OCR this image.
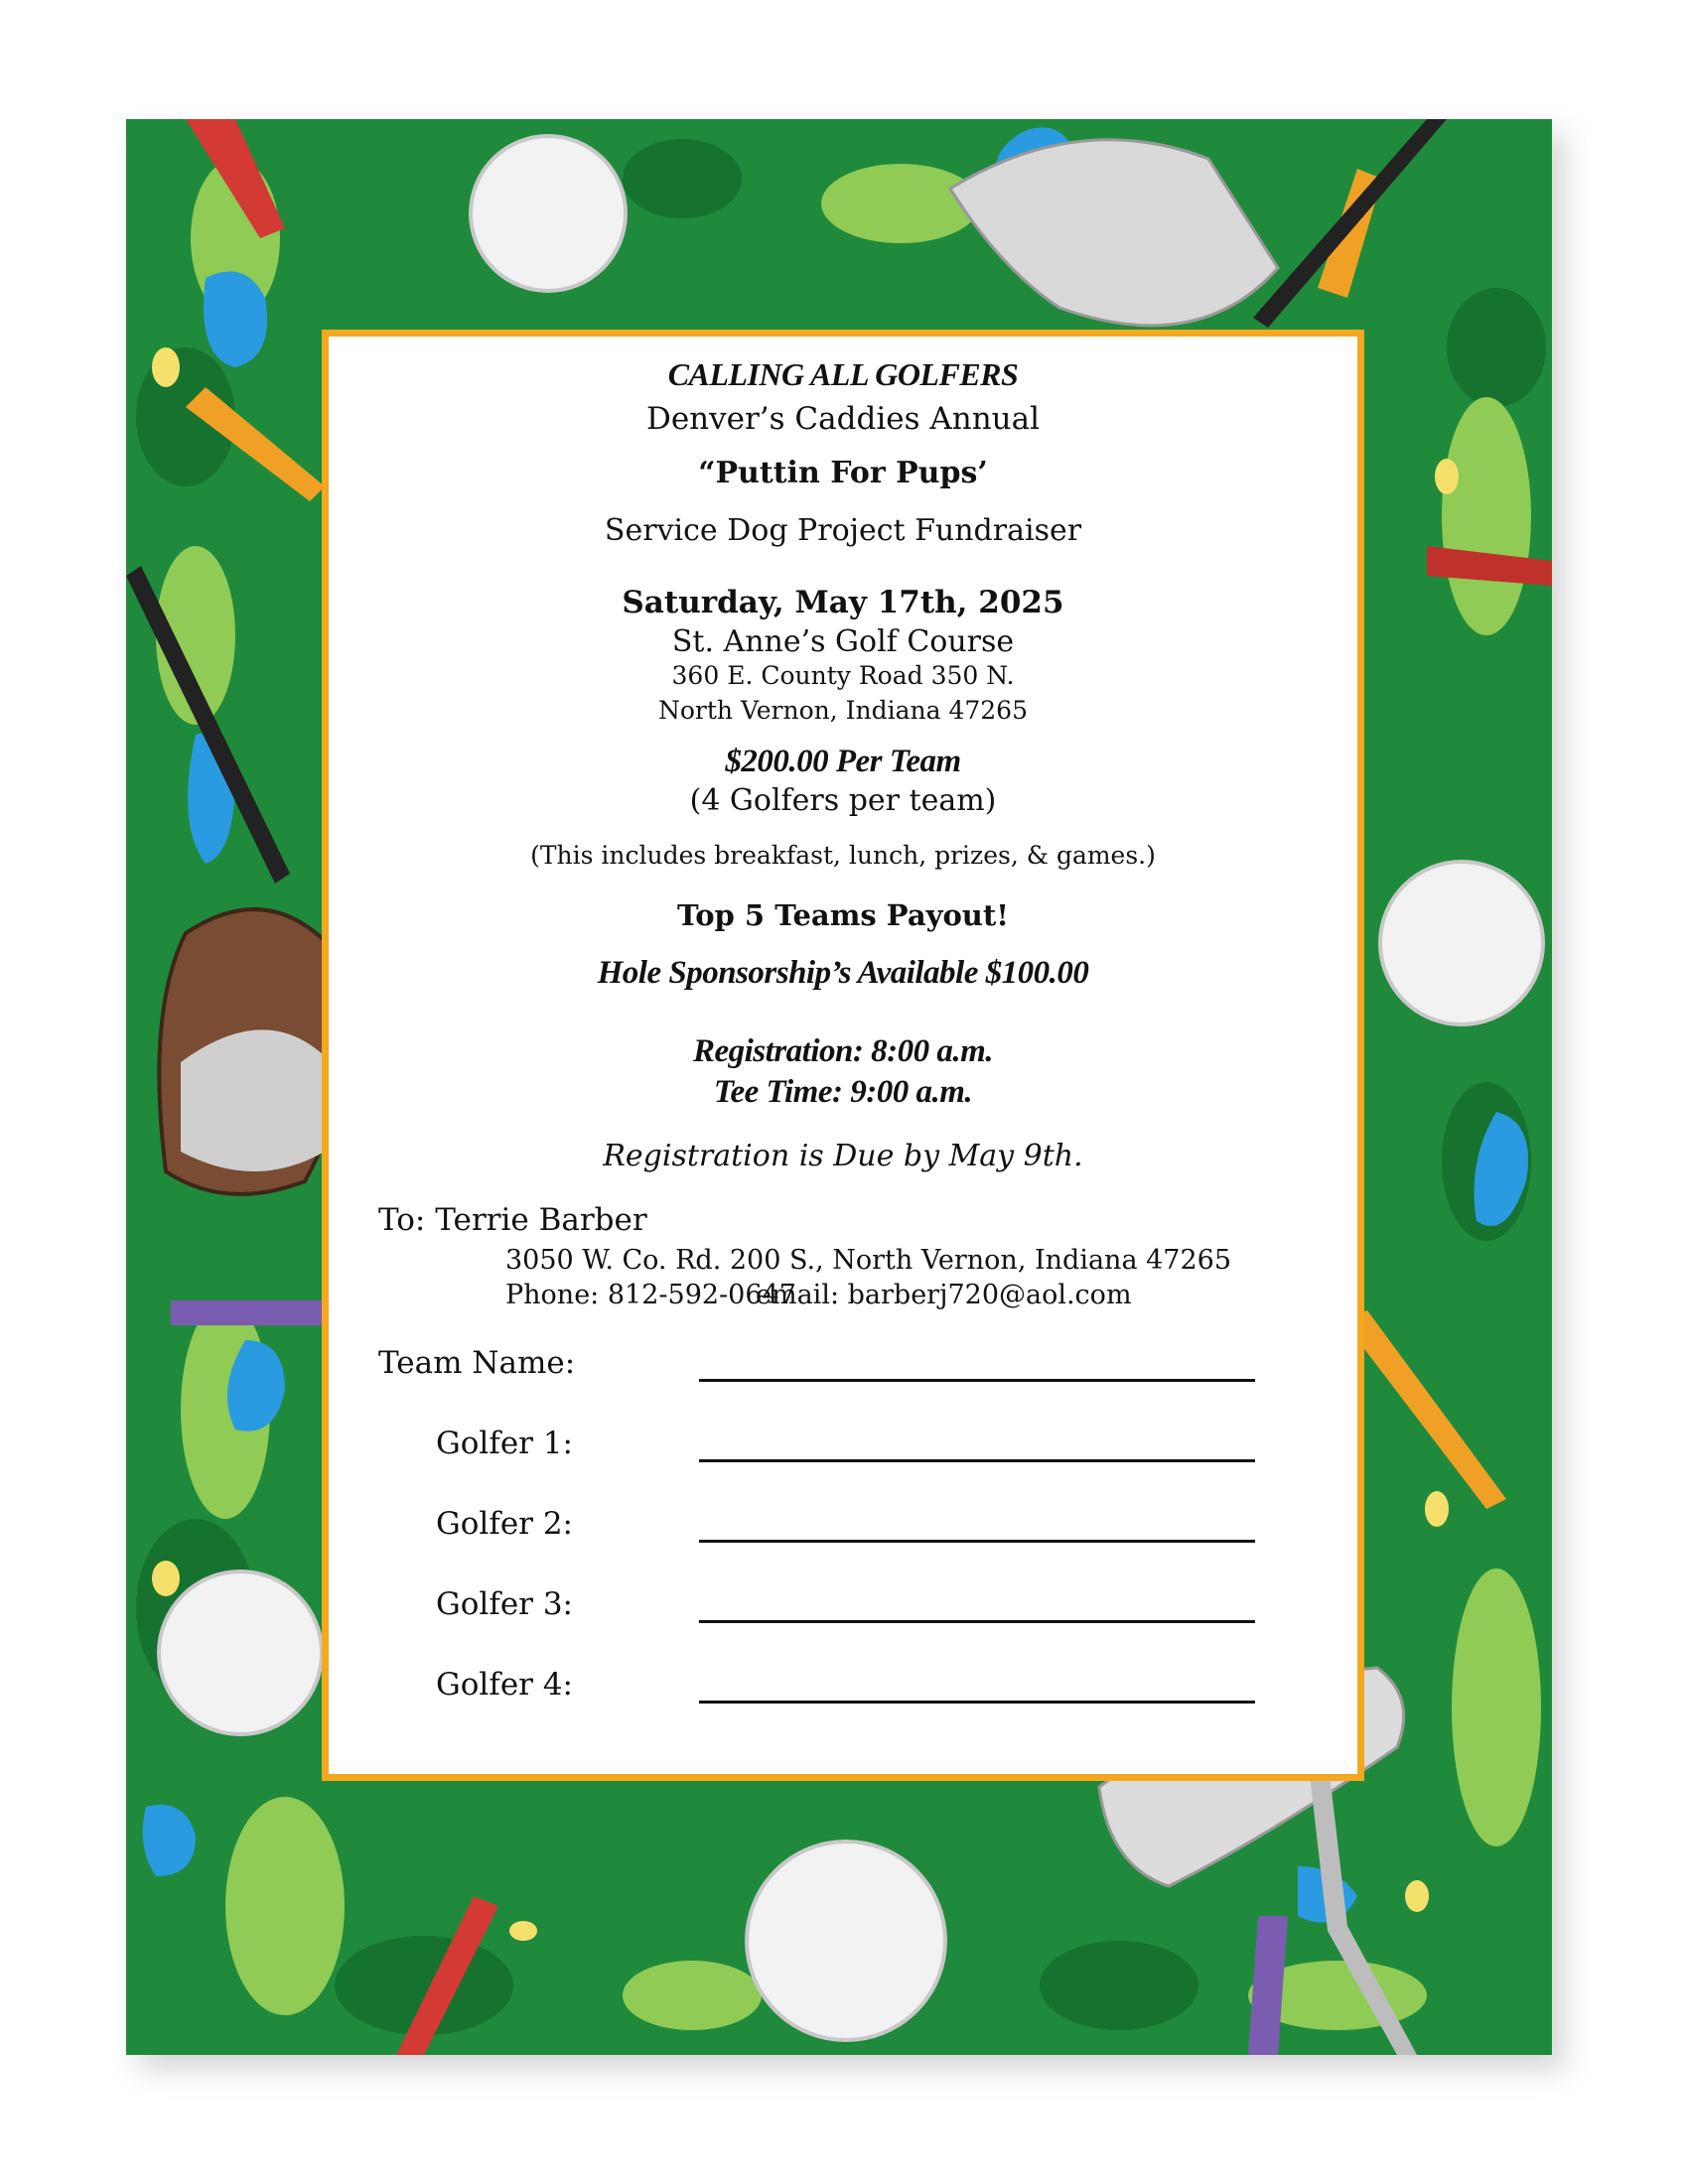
CALLING ALL GOLFERS
Denver’s Caddies Annual
“Puttin For Pups’
Service Dog Project Fundraiser
Saturday, May 17th, 2025
St. Anne’s Golf Course
360 E. County Road 350 N.
North Vernon, Indiana 47265
$200.00 Per Team
(4 Golfers per team)
(This includes breakfast, lunch, prizes, & games.)
Top 5 Teams Payout!
Hole Sponsorship’s Available $100.00
Registration: 8:00 a.m.
Tee Time: 9:00 a.m.
Registration is Due by May 9th.
To: Terrie Barber
3050 W. Co. Rd. 200 S., North Vernon, Indiana 47265
Phone: 812-592-0647
email: barberj720@aol.com
Team Name:
Golfer 1:
Golfer 2:
Golfer 3:
Golfer 4:
